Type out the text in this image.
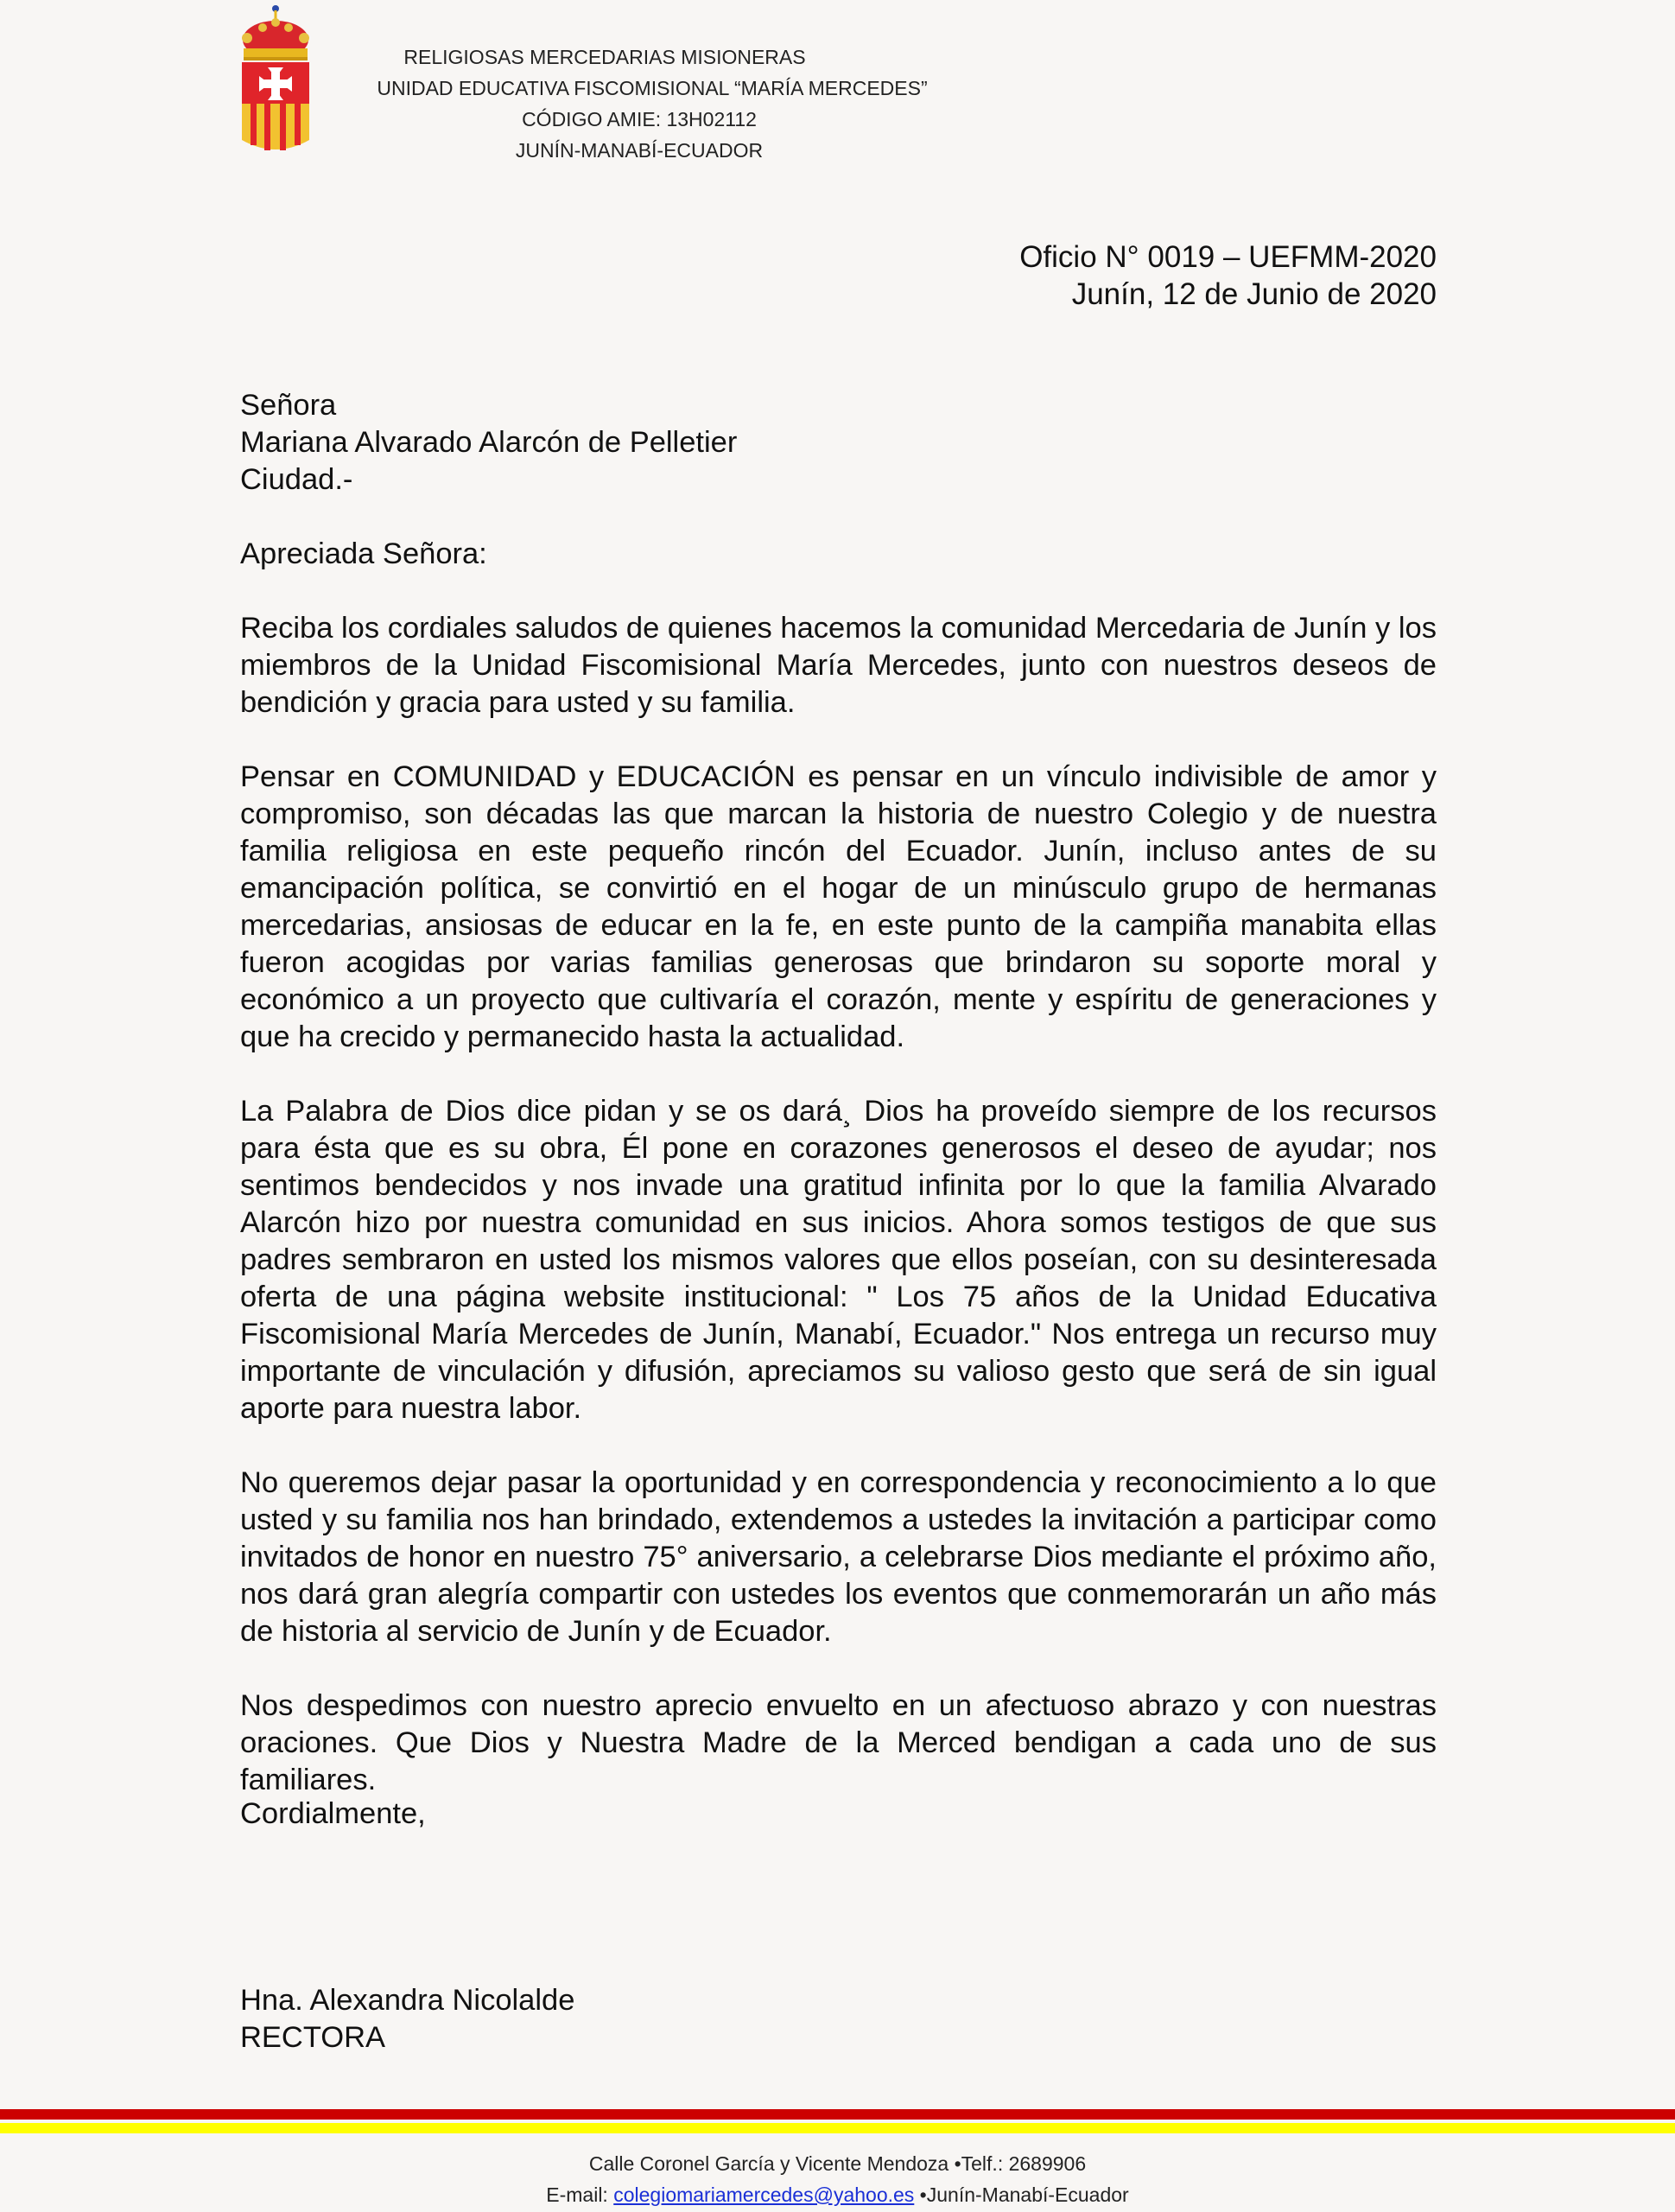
RELIGIOSAS MERCEDARIAS MISIONERAS
UNIDAD EDUCATIVA FISCOMISIONAL “MARÍA MERCEDES”
CÓDIGO AMIE: 13H02112
JUNÍN-MANABÍ-ECUADOR
Oficio N° 0019 – UEFMM-2020
Junín, 12 de Junio de 2020

Señora

Mariana Alvarado Alarcón de Pelletier

Ciudad.-

Apreciada Señora:

Reciba los cordiales saludos de quienes hacemos la comunidad Mercedaria de Junín y los miembros de la Unidad Fiscomisional María Mercedes, junto con nuestros deseos de bendición y gracia para usted y su familia.

Pensar en COMUNIDAD y EDUCACIÓN es pensar en un vínculo indivisible de amor y compromiso, son décadas las que marcan la historia de nuestro Colegio y de nuestra familia religiosa en este pequeño rincón del Ecuador. Junín, incluso antes de su emancipación política, se convirtió en el hogar de un minúsculo grupo de hermanas mercedarias, ansiosas de educar en la fe, en este punto de la campiña manabita ellas fueron acogidas por varias familias generosas que brindaron su soporte moral y económico a un proyecto que cultivaría el corazón, mente y espíritu de generaciones y que ha crecido y permanecido hasta la actualidad.

La Palabra de Dios dice pidan y se os dará¸ Dios ha proveído siempre de los recursos para ésta que es su obra, Él pone en corazones generosos el deseo de ayudar; nos sentimos bendecidos y nos invade una gratitud infinita por lo que la familia Alvarado Alarcón hizo por nuestra comunidad en sus inicios. Ahora somos testigos de que sus padres sembraron en usted los mismos valores que ellos poseían, con su desinteresada oferta de una página website institucional: " Los 75 años de la Unidad Educativa Fiscomisional María Mercedes de Junín, Manabí, Ecuador." Nos entrega un recurso muy importante de vinculación y difusión, apreciamos su valioso gesto que será de sin igual aporte para nuestra labor.

No queremos dejar pasar la oportunidad y en correspondencia y reconocimiento a lo que usted y su familia nos han brindado, extendemos a ustedes la invitación a participar como invitados de honor en nuestro 75° aniversario, a celebrarse Dios mediante el próximo año, nos dará gran alegría compartir con ustedes los eventos que conmemorarán un año más de historia al servicio de Junín y de Ecuador.

Nos despedimos con nuestro aprecio envuelto en un afectuoso abrazo y con nuestras oraciones. Que Dios y Nuestra Madre de la Merced bendigan a cada uno de sus familiares.

Cordialmente,
Hna. Alexandra Nicolalde
RECTORA
Calle Coronel García y Vicente Mendoza •Telf.: 2689906
E-mail: colegiomariamercedes@yahoo.es •Junín-Manabí-Ecuador
